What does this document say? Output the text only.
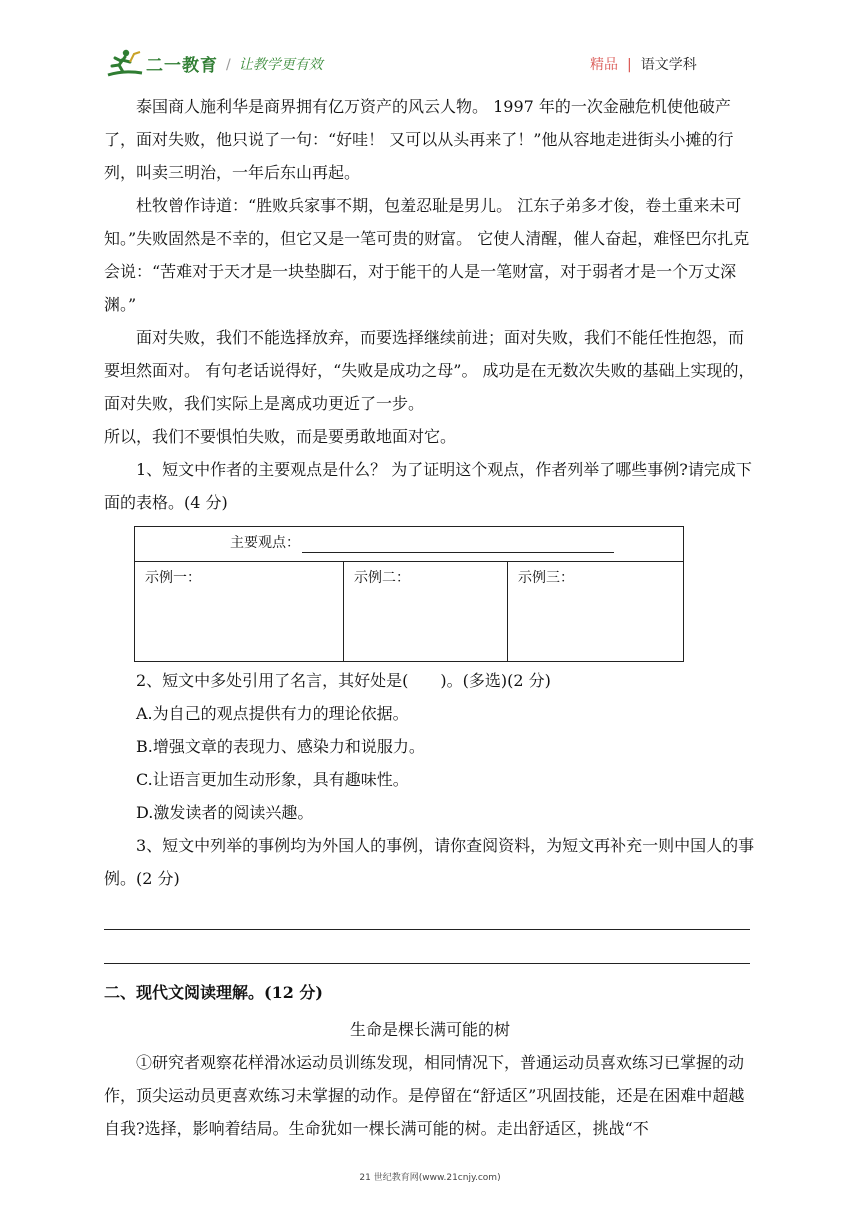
二一教育 / 让教学更有效	精品 | 语文学科

泰国商人施利华是商界拥有亿万资产的风云人物。 1997 年的一次金融危机使他破产了，面对失败，他只说了一句：“好哇！ 又可以从头再来了！”他从容地走进街头小摊的行列，叫卖三明治，一年后东山再起。

杜牧曾作诗道：“胜败兵家事不期，包羞忍耻是男儿。 江东子弟多才俊，卷土重来未可知。”失败固然是不幸的，但它又是一笔可贵的财富。 它使人清醒，催人奋起，难怪巴尔扎克会说：“苦难对于天才是一块垫脚石，对于能干的人是一笔财富，对于弱者才是一个万丈深渊。”

面对失败，我们不能选择放弃，而要选择继续前进；面对失败，我们不能任性抱怨，而要坦然面对。 有句老话说得好，“失败是成功之母”。 成功是在无数次失败的基础上实现的，面对失败，我们实际上是离成功更近了一步。

所以，我们不要惧怕失败，而是要勇敢地面对它。

1、短文中作者的主要观点是什么？ 为了证明这个观点，作者列举了哪些事例?请完成下面的表格。(4 分)

主要观点：
示例一：	示例二：	示例三：

2、短文中多处引用了名言，其好处是(　　)。(多选)(2 分)

A.为自己的观点提供有力的理论依据。

B.增强文章的表现力、感染力和说服力。

C.让语言更加生动形象，具有趣味性。

D.激发读者的阅读兴趣。

3、短文中列举的事例均为外国人的事例，请你查阅资料，为短文再补充一则中国人的事例。(2 分)

二、现代文阅读理解。(12 分)

生命是棵长满可能的树

①研究者观察花样滑冰运动员训练发现，相同情况下，普通运动员喜欢练习已掌握的动作，顶尖运动员更喜欢练习未掌握的动作。是停留在“舒适区”巩固技能，还是在困难中超越自我?选择，影响着结局。生命犹如一棵长满可能的树。走出舒适区，挑战“不

21 世纪教育网(www.21cnjy.com)
